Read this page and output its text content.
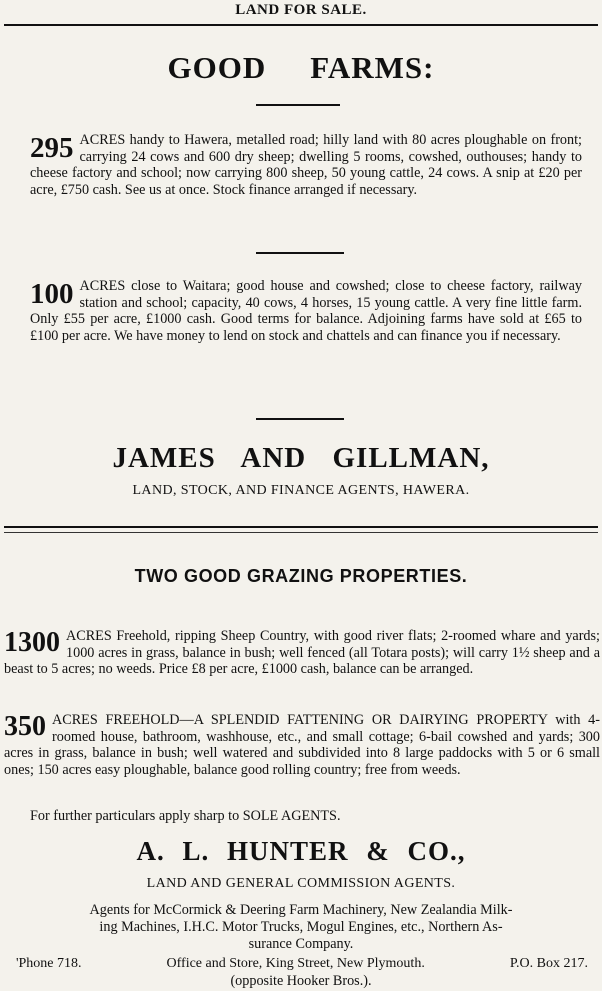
LAND FOR SALE.
GOOD FARMS:
295 ACRES handy to Hawera, metalled road; hilly land with 80 acres ploughable on front; carrying 24 cows and 600 dry sheep; dwelling 5 rooms, cowshed, outhouses; handy to cheese factory and school; now carrying 800 sheep, 50 young cattle, 24 cows. A snip at £20 per acre, £750 cash. See us at once. Stock finance arranged if necessary.
100 ACRES close to Waitara; good house and cowshed; close to cheese factory, railway station and school; capacity, 40 cows, 4 horses, 15 young cattle. A very fine little farm. Only £55 per acre, £1000 cash. Good terms for balance. Adjoining farms have sold at £65 to £100 per acre. We have money to lend on stock and chattels and can finance you if necessary.
JAMES AND GILLMAN,
LAND, STOCK, AND FINANCE AGENTS, HAWERA.
TWO GOOD GRAZING PROPERTIES.
1300 ACRES Freehold, ripping Sheep Country, with good river flats; 2-roomed whare and yards; 1000 acres in grass, balance in bush; well fenced (all Totara posts); will carry 1½ sheep and a beast to 5 acres; no weeds. Price £8 per acre, £1000 cash, balance can be arranged.
350 ACRES FREEHOLD—A SPLENDID FATTENING OR DAIRYING PROPERTY with 4-roomed house, bathroom, washhouse, etc., and small cottage; 6-bail cowshed and yards; 300 acres in grass, balance in bush; well watered and subdivided into 8 large paddocks with 5 or 6 small ones; 150 acres easy ploughable, balance good rolling country; free from weeds.
For further particulars apply sharp to SOLE AGENTS.
A. L. HUNTER & CO.,
LAND AND GENERAL COMMISSION AGENTS.
Agents for McCormick & Deering Farm Machinery, New Zealandia Milk-
ing Machines, I.H.C. Motor Trucks, Mogul Engines, etc., Northern As-
surance Company.
'Phone 718.	Office and Store, King Street, New Plymouth.	P.O. Box 217.
(opposite Hooker Bros.).
